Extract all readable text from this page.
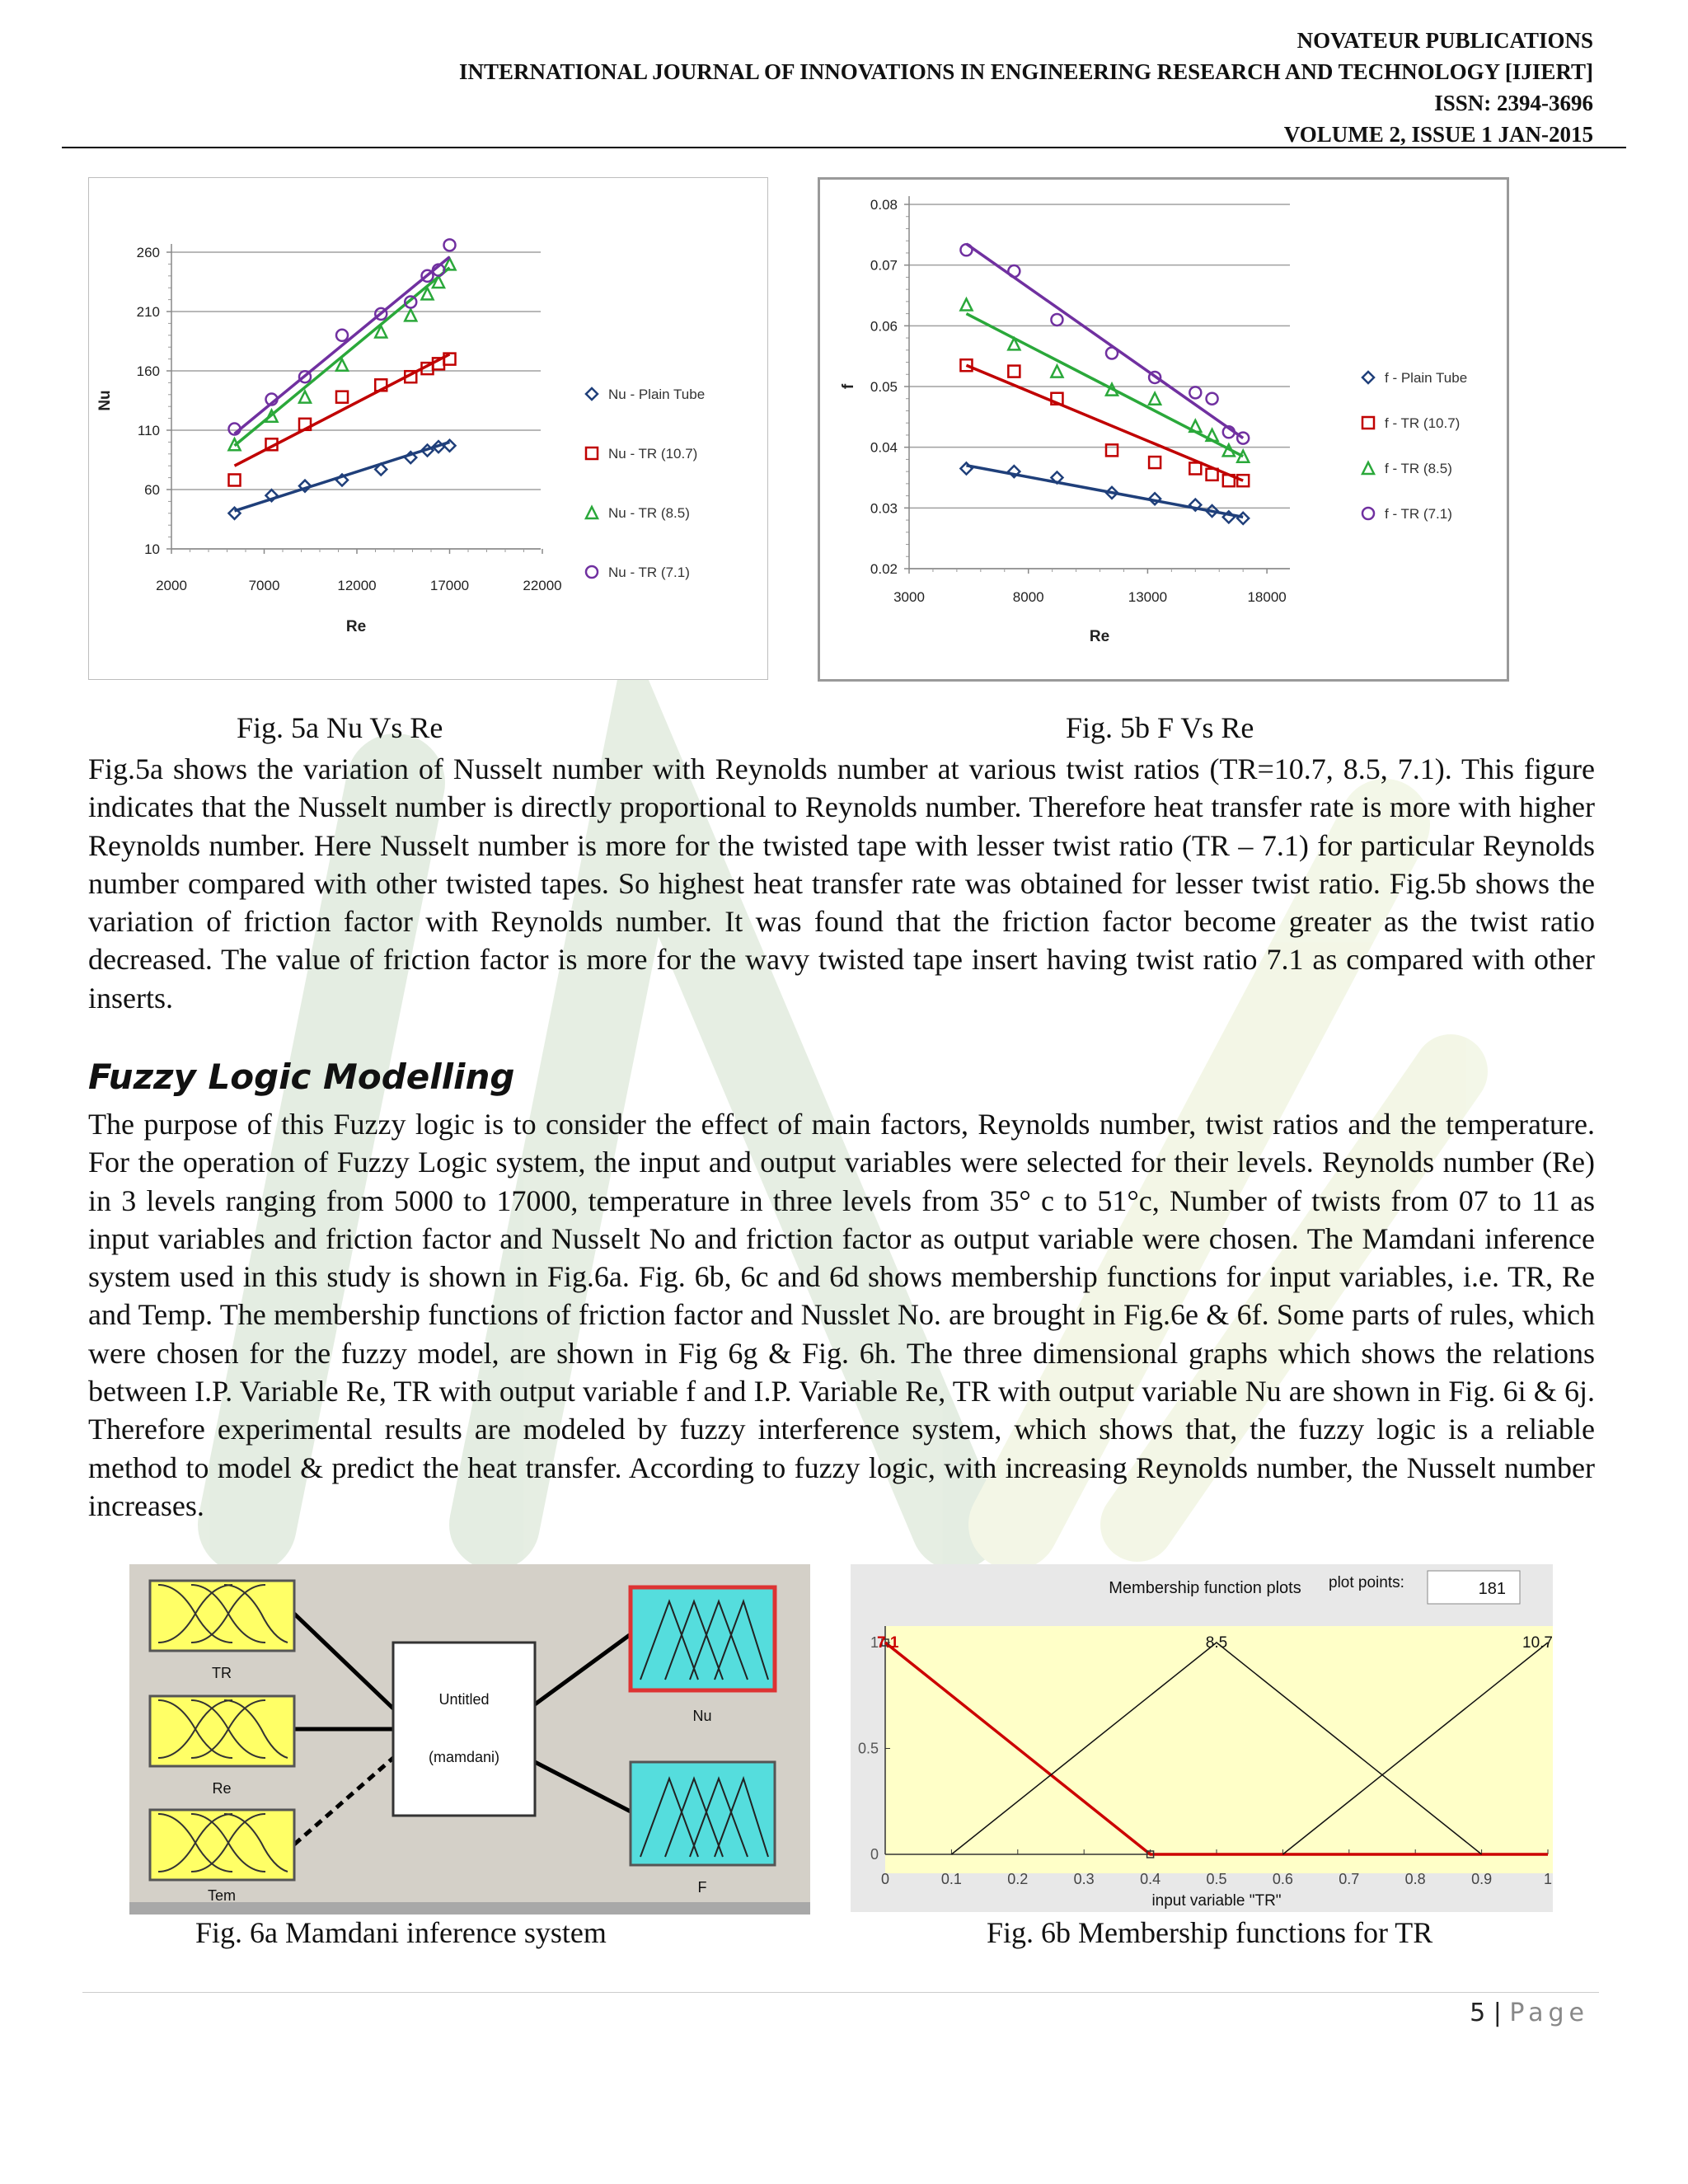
NOVATEUR PUBLICATIONS
INTERNATIONAL JOURNAL OF INNOVATIONS IN ENGINEERING RESEARCH AND TECHNOLOGY [IJIERT]
ISSN: 2394-3696
VOLUME 2, ISSUE 1 JAN-2015
10
60
110
160
210
260
2000	7000	12000	17000	22000
Re
Nu	Nu - Plain Tube
Nu - TR (10.7)
Nu - TR (8.5)
Nu - TR (7.1)	0.02
0.03
0.04
0.05
0.06
0.07
0.08
3000	8000	13000	18000
Re
f
f - Plain Tube
f - TR (10.7)
f - TR (8.5)
f - TR (7.1)
Fig. 5a Nu Vs Re	Fig. 5b F Vs Re
Fig.5a shows the variation of Nusselt number with Reynolds number at various twist ratios (TR=10.7, 8.5, 7.1). This figure indicates that the Nusselt number is directly proportional to Reynolds number. Therefore heat transfer rate is more with higher Reynolds number. Here Nusselt number is more for the twisted tape with lesser twist ratio (TR – 7.1) for particular Reynolds number compared with other twisted tapes. So highest heat transfer rate was obtained for lesser twist ratio. Fig.5b shows the variation of friction factor with Reynolds number. It was found that the friction factor become greater as the twist ratio decreased. The value of friction factor is more for the wavy twisted tape insert having twist ratio 7.1 as compared with other inserts.
Fuzzy Logic Modelling
The purpose of this Fuzzy logic is to consider the effect of main factors, Reynolds number, twist ratios and the temperature. For the operation of Fuzzy Logic system, the input and output variables were selected for their levels. Reynolds number (Re) in 3 levels ranging from 5000 to 17000, temperature in three levels from 35° c to 51°c, Number of twists from 07 to 11 as input variables and friction factor and Nusselt No and friction factor as output variable were chosen. The Mamdani inference system used in this study is shown in Fig.6a. Fig. 6b, 6c and 6d shows membership functions for input variables, i.e. TR, Re and Temp. The membership functions of friction factor and Nusslet No. are brought in Fig.6e & 6f. Some parts of rules, which were chosen for the fuzzy model, are shown in Fig 6g & Fig. 6h. The three dimensional graphs which shows the relations between I.P. Variable Re, TR with output variable f and I.P. Variable Re, TR with output variable Nu are shown in Fig. 6i & 6j. Therefore experimental results are modeled by fuzzy interference system, which shows that, the fuzzy logic is a reliable method to model & predict the heat transfer. According to fuzzy logic, with increasing Reynolds number, the Nusselt number increases.
TR
Re
Tem
Untitled
(mamdani)
Nu
F
Membership function plots plot points:	181
0
0.5
1
0	0.1	0.2	0.3	0.4	0.5	0.6	0.7	0.8	0.9	1
input variable "TR"
7.1	8.5	10.7
Fig. 6a Mamdani inference system	Fig. 6b Membership functions for TR
5 | Page
